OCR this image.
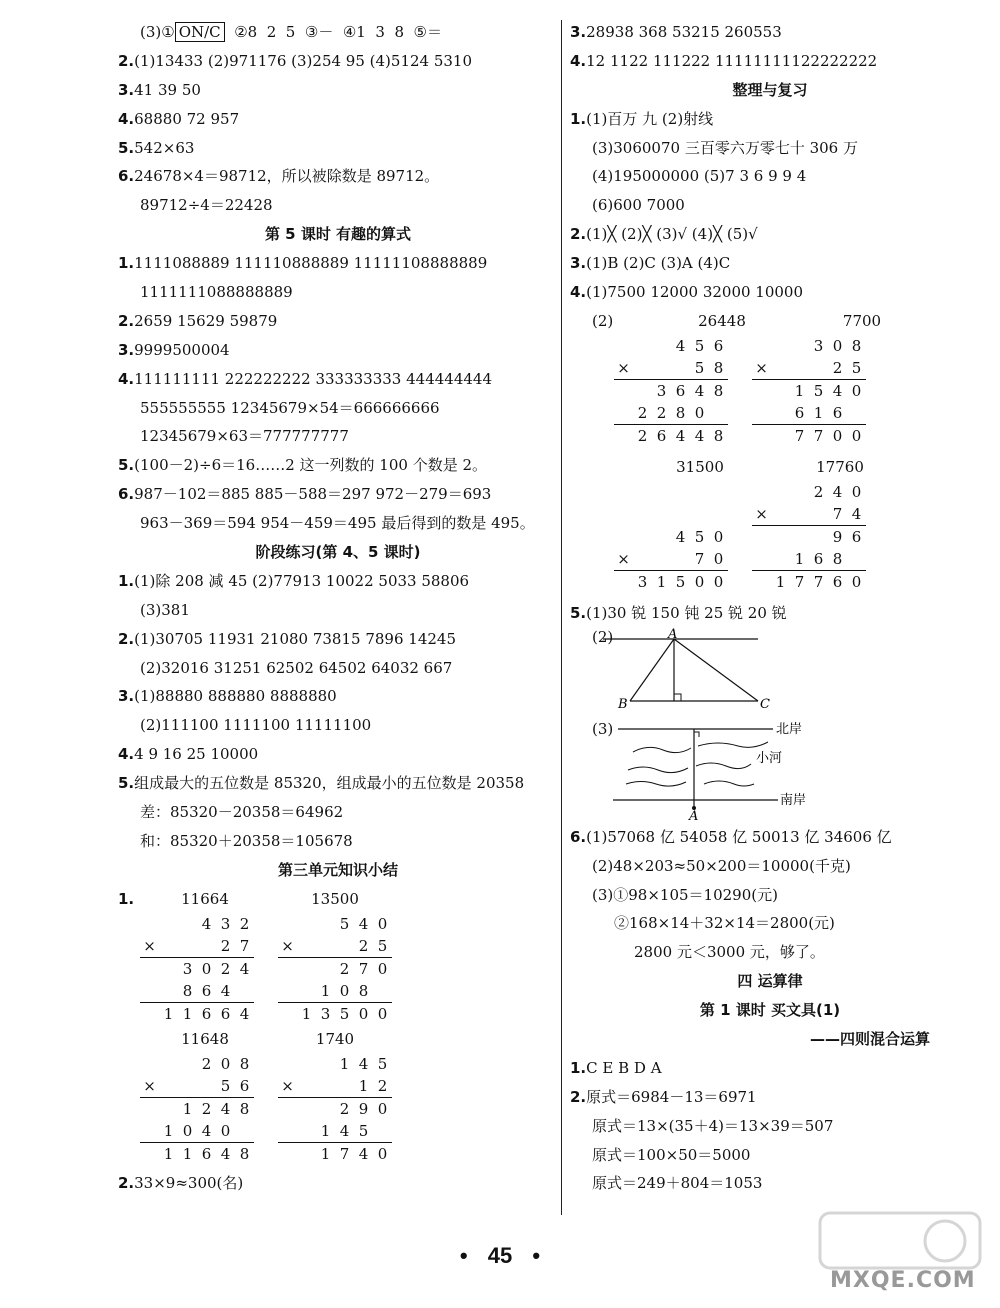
(3)① ON/C  ②8  2  5  ③－  ④1  3  8  ⑤＝
2.(1)13433 (2)971176 (3)254 95 (4)5124 5310
3.41 39 50
4.68880 72 957
5.542×63
6.24678×4＝98712，所以被除数是 89712。
89712÷4＝22428
第 5 课时 有趣的算式
1.1111088889 111110888889 11111108888889
1111111088888889
2.2659 15629 59879
3.9999500004
4.111111111 222222222 333333333 444444444
555555555 12345679×54＝666666666
12345679×63＝777777777
5.(100－2)÷6＝16……2 这一列数的 100 个数是 2。
6.987－102＝885 885－588＝297 972－279＝693
963－369＝594 954－459＝495 最后得到的数是 495。
阶段练习(第 4、5 课时)
1.(1)除 208 减 45 (2)77913 10022 5033 58806
(3)381
2.(1)30705 11931 21080 73815 7896 14245
(2)32016 31251 62502 64502 64032 667
3.(1)88880 888880 8888880
(2)111100 1111100 11111100
4.4 9 16 25 10000
5.组成最大的五位数是 85320，组成最小的五位数是 20358
差：85320－20358＝64962
和：85320＋20358＝105678
第三单元知识小结
1.	11664	13500
			4	3	2
×				2	7
		3	0	2	4
		8	6	4	
	1	1	6	6	4
			5	4	0
×				2	5
			2	7	0
		1	0	8	
	1	3	5	0	0
11648	1740
			2	0	8
×				5	6
		1	2	4	8
	1	0	4	0	
	1	1	6	4	8
			1	4	5
×				1	2
			2	9	0
		1	4	5	
		1	7	4	0
2.33×9≈300(名)
3.28938 368 53215 260553
4.12 1122 111222 11111111122222222
整理与复习
1.(1)百万 九 (2)射线
(3)3060070 三百零六万零七十 306 万
(4)195000000 (5)7 3 6 9 9 4
(6)600 7000
2.(1)╳ (2)╳ (3)√ (4)╳ (5)√
3.(1)B (2)C (3)A (4)C
4.(1)7500 12000 32000 10000
(2)	26448	7700
			4	5	6
×				5	8
		3	6	4	8
	2	2	8	0	
	2	6	4	4	8
			3	0	8
×				2	5
		1	5	4	0
		6	1	6	
		7	7	0	0
31500	17760
			4	5	0
×				7	0
	3	1	5	0	0
			2	4	0
×				7	4
				9	6
		1	6	8	
	1	7	7	6	0
5.(1)30 锐 150 钝 25 锐 20 锐
(2)	A
B	C
(3)	北岸
小河
南岸
A
6.(1)57068 亿 54058 亿 50013 亿 34606 亿
(2)48×203≈50×200＝10000(千克)
(3)①98×105＝10290(元)
②168×14＋32×14＝2800(元)
2800 元＜3000 元，够了。
四 运算律
第 1 课时 买文具(1)
——四则混合运算
1.C E B D A
2.原式＝6984－13＝6971
原式＝13×(35＋4)＝13×39＝507
原式＝100×50＝5000
原式＝249＋804＝1053
• 45 •
MXQE.COM
